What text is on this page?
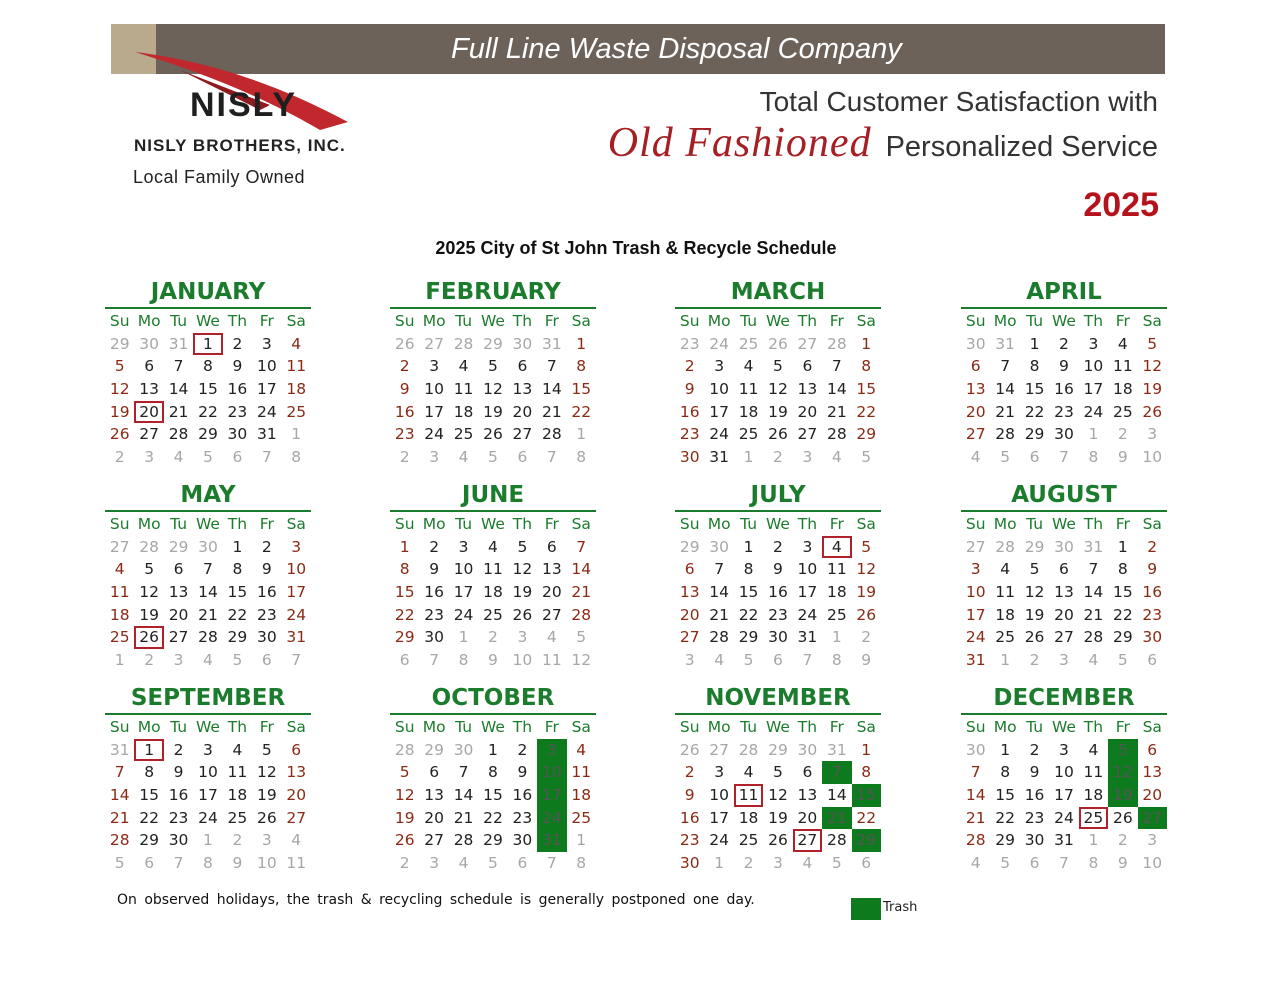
Full Line Waste Disposal Company
NISLY
NISLY BROTHERS, INC.
Local Family Owned
Total Customer Satisfaction with
Old Fashioned Personalized Service
2025
2025 City of St John Trash & Recycle Schedule
JANUARY
Su Mo Tu We Th Fr Sa
29 30 31 1	2	3	4
5	6	7	8	9 10 11
12 13 14 15 16 17 18
19 20 21 22 23 24 25
26 27 28 29 30 31 1
2	3	4	5	6	7	8
FEBRUARY
Su Mo Tu We Th Fr Sa
26 27 28 29 30 31 1
2	3	4	5	6	7	8
9 10 11 12 13 14 15
16 17 18 19 20 21 22
23 24 25 26 27 28 1
2	3	4	5	6	7	8
MARCH
Su Mo Tu We Th Fr Sa
23 24 25 26 27 28 1
2	3	4	5	6	7	8
9 10 11 12 13 14 15
16 17 18 19 20 21 22
23 24 25 26 27 28 29
30 31 1	2	3	4	5
APRIL
Su Mo Tu We Th Fr Sa
30 31 1	2	3	4	5
6	7	8	9 10 11 12
13 14 15 16 17 18 19
20 21 22 23 24 25 26
27 28 29 30 1	2	3
4	5	6	7	8	9 10
MAY
Su Mo Tu We Th Fr Sa
27 28 29 30 1	2	3
4	5	6	7	8	9 10
11 12 13 14 15 16 17
18 19 20 21 22 23 24
25 26 27 28 29 30 31
1	2	3	4	5	6	7
JUNE
Su Mo Tu We Th Fr Sa
1	2	3	4	5	6	7
8	9 10 11 12 13 14
15 16 17 18 19 20 21
22 23 24 25 26 27 28
29 30 1	2	3	4	5
6	7	8	9 10 11 12
JULY
Su Mo Tu We Th Fr Sa
29 30 1	2	3	4	5
6	7	8	9 10 11 12
13 14 15 16 17 18 19
20 21 22 23 24 25 26
27 28 29 30 31 1	2
3	4	5	6	7	8	9
AUGUST
Su Mo Tu We Th Fr Sa
27 28 29 30 31 1	2
3	4	5	6	7	8	9
10 11 12 13 14 15 16
17 18 19 20 21 22 23
24 25 26 27 28 29 30
31 1	2	3	4	5	6
SEPTEMBER
Su Mo Tu We Th Fr Sa
31 1	2	3	4	5	6
7	8	9 10 11 12 13
14 15 16 17 18 19 20
21 22 23 24 25 26 27
28 29 30 1	2	3	4
5	6	7	8	9 10 11
OCTOBER
Su Mo Tu We Th Fr Sa
28 29 30 1	2	3	4
5	6	7	8	9 10 11
12 13 14 15 16 17 18
19 20 21 22 23 24 25
26 27 28 29 30 31 1
2	3	4	5	6	7	8
NOVEMBER
Su Mo Tu We Th Fr Sa
26 27 28 29 30 31 1
2	3	4	5	6	7	8
9 10 11 12 13 14 15
16 17 18 19 20 21 22
23 24 25 26 27 28 29
30 1	2	3	4	5	6
DECEMBER
Su Mo Tu We Th Fr Sa
30 1	2	3	4	5	6
7	8	9 10 11 12 13
14 15 16 17 18 19 20
21 22 23 24 25 26 27
28 29 30 31 1	2	3
4	5	6	7	8	9 10
On observed holidays, the trash & recycling schedule is generally postponed one day.	Trash
